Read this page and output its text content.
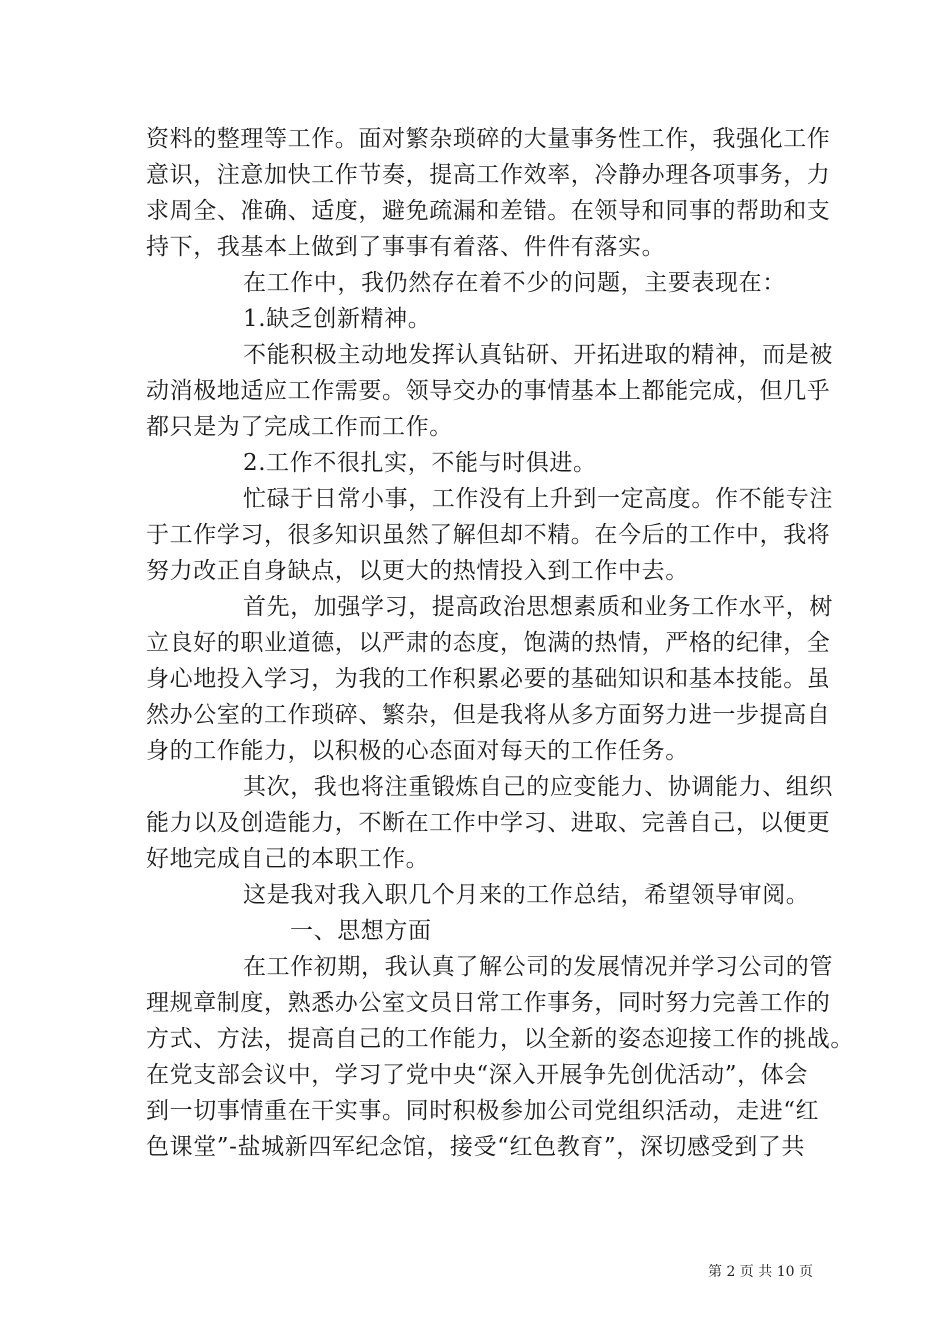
资料的整理等工作。面对繁杂琐碎的大量事务性工作，我强化工作
意识，注意加快工作节奏，提高工作效率，冷静办理各项事务，力
求周全、准确、适度，避免疏漏和差错。在领导和同事的帮助和支
持下，我基本上做到了事事有着落、件件有落实。
在工作中，我仍然存在着不少的问题，主要表现在：
1.缺乏创新精神。
不能积极主动地发挥认真钻研、开拓进取的精神，而是被
动消极地适应工作需要。领导交办的事情基本上都能完成，但几乎
都只是为了完成工作而工作。
2.工作不很扎实，不能与时俱进。
忙碌于日常小事，工作没有上升到一定高度。作不能专注
于工作学习，很多知识虽然了解但却不精。在今后的工作中，我将
努力改正自身缺点，以更大的热情投入到工作中去。
首先，加强学习，提高政治思想素质和业务工作水平，树
立良好的职业道德，以严肃的态度，饱满的热情，严格的纪律，全
身心地投入学习，为我的工作积累必要的基础知识和基本技能。虽
然办公室的工作琐碎、繁杂，但是我将从多方面努力进一步提高自
身的工作能力，以积极的心态面对每天的工作任务。
其次，我也将注重锻炼自己的应变能力、协调能力、组织
能力以及创造能力，不断在工作中学习、进取、完善自己，以便更
好地完成自己的本职工作。
这是我对我入职几个月来的工作总结，希望领导审阅。
一、思想方面
在工作初期，我认真了解公司的发展情况并学习公司的管
理规章制度，熟悉办公室文员日常工作事务，同时努力完善工作的
方式、方法，提高自己的工作能力，以全新的姿态迎接工作的挑战。
在党支部会议中，学习了党中央“深入开展争先创优活动”，体会
到一切事情重在干实事。同时积极参加公司党组织活动，走进“红
色课堂”-盐城新四军纪念馆，接受“红色教育”，深切感受到了共
第 2 页 共 10 页
